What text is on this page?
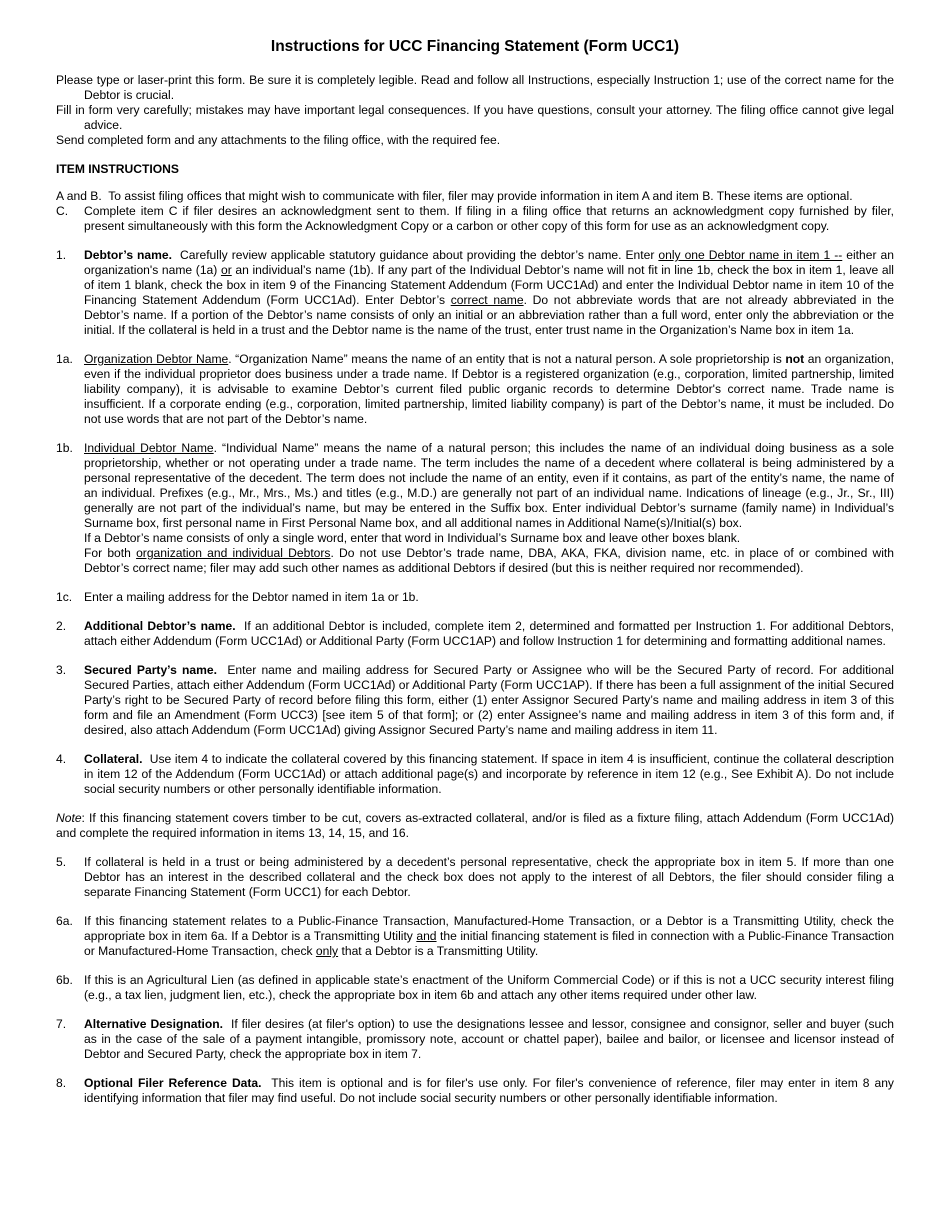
Instructions for UCC Financing Statement (Form UCC1)

Please type or laser-print this form. Be sure it is completely legible. Read and follow all Instructions, especially Instruction 1; use of the correct name for the Debtor is crucial.

Fill in form very carefully; mistakes may have important legal consequences. If you have questions, consult your attorney. The filing office cannot give legal advice.

Send completed form and any attachments to the filing office, with the required fee.

ITEM INSTRUCTIONS
A and B. To assist filing offices that might wish to communicate with filer, filer may provide information in item A and item B. These items are optional.
C.	Complete item C if filer desires an acknowledgment sent to them. If filing in a filing office that returns an acknowledgment copy furnished by filer, present simultaneously with this form the Acknowledgment Copy or a carbon or other copy of this form for use as an acknowledgment copy.
1.	Debtor’s name. Carefully review applicable statutory guidance about providing the debtor’s name. Enter only one Debtor name in item 1 -- either an organization's name (1a) or an individual’s name (1b). If any part of the Individual Debtor’s name will not fit in line 1b, check the box in item 1, leave all of item 1 blank, check the box in item 9 of the Financing Statement Addendum (Form UCC1Ad) and enter the Individual Debtor name in item 10 of the Financing Statement Addendum (Form UCC1Ad). Enter Debtor’s correct name. Do not abbreviate words that are not already abbreviated in the Debtor’s name. If a portion of the Debtor’s name consists of only an initial or an abbreviation rather than a full word, enter only the abbreviation or the initial. If the collateral is held in a trust and the Debtor name is the name of the trust, enter trust name in the Organization’s Name box in item 1a.
1a. Organization Debtor Name. “Organization Name” means the name of an entity that is not a natural person. A sole proprietorship is not an organization, even if the individual proprietor does business under a trade name. If Debtor is a registered organization (e.g., corporation, limited partnership, limited liability company), it is advisable to examine Debtor’s current filed public organic records to determine Debtor's correct name. Trade name is insufficient. If a corporate ending (e.g., corporation, limited partnership, limited liability company) is part of the Debtor’s name, it must be included. Do not use words that are not part of the Debtor’s name.
1b. Individual Debtor Name. “Individual Name” means the name of a natural person; this includes the name of an individual doing business as a sole proprietorship, whether or not operating under a trade name. The term includes the name of a decedent where collateral is being administered by a personal representative of the decedent. The term does not include the name of an entity, even if it contains, as part of the entity’s name, the name of an individual. Prefixes (e.g., Mr., Mrs., Ms.) and titles (e.g., M.D.) are generally not part of an individual name. Indications of lineage (e.g., Jr., Sr., III) generally are not part of the individual’s name, but may be entered in the Suffix box. Enter individual Debtor’s surname (family name) in Individual’s Surname box, first personal name in First Personal Name box, and all additional names in Additional Name(s)/Initial(s) box.

If a Debtor’s name consists of only a single word, enter that word in Individual’s Surname box and leave other boxes blank.

For both organization and individual Debtors. Do not use Debtor’s trade name, DBA, AKA, FKA, division name, etc. in place of or combined with Debtor’s correct name; filer may add such other names as additional Debtors if desired (but this is neither required nor recommended).

1c. Enter a mailing address for the Debtor named in item 1a or 1b.
2.	Additional Debtor’s name. If an additional Debtor is included, complete item 2, determined and formatted per Instruction 1. For additional Debtors, attach either Addendum (Form UCC1Ad) or Additional Party (Form UCC1AP) and follow Instruction 1 for determining and formatting additional names.
3.	Secured Party’s name. Enter name and mailing address for Secured Party or Assignee who will be the Secured Party of record. For additional Secured Parties, attach either Addendum (Form UCC1Ad) or Additional Party (Form UCC1AP). If there has been a full assignment of the initial Secured Party’s right to be Secured Party of record before filing this form, either (1) enter Assignor Secured Party’s name and mailing address in item 3 of this form and file an Amendment (Form UCC3) [see item 5 of that form]; or (2) enter Assignee’s name and mailing address in item 3 of this form and, if desired, also attach Addendum (Form UCC1Ad) giving Assignor Secured Party’s name and mailing address in item 11.
4.	Collateral. Use item 4 to indicate the collateral covered by this financing statement. If space in item 4 is insufficient, continue the collateral description in item 12 of the Addendum (Form UCC1Ad) or attach additional page(s) and incorporate by reference in item 12 (e.g., See Exhibit A). Do not include social security numbers or other personally identifiable information.

Note: If this financing statement covers timber to be cut, covers as-extracted collateral, and/or is filed as a fixture filing, attach Addendum (Form UCC1Ad) and complete the required information in items 13, 14, 15, and 16.

5.	If collateral is held in a trust or being administered by a decedent’s personal representative, check the appropriate box in item 5. If more than one Debtor has an interest in the described collateral and the check box does not apply to the interest of all Debtors, the filer should consider filing a separate Financing Statement (Form UCC1) for each Debtor.
6a. If this financing statement relates to a Public-Finance Transaction, Manufactured-Home Transaction, or a Debtor is a Transmitting Utility, check the appropriate box in item 6a. If a Debtor is a Transmitting Utility and the initial financing statement is filed in connection with a Public-Finance Transaction or Manufactured-Home Transaction, check only that a Debtor is a Transmitting Utility.
6b. If this is an Agricultural Lien (as defined in applicable state’s enactment of the Uniform Commercial Code) or if this is not a UCC security interest filing (e.g., a tax lien, judgment lien, etc.), check the appropriate box in item 6b and attach any other items required under other law.
7.	Alternative Designation. If filer desires (at filer's option) to use the designations lessee and lessor, consignee and consignor, seller and buyer (such as in the case of the sale of a payment intangible, promissory note, account or chattel paper), bailee and bailor, or licensee and licensor instead of Debtor and Secured Party, check the appropriate box in item 7.
8.	Optional Filer Reference Data. This item is optional and is for filer's use only. For filer's convenience of reference, filer may enter in item 8 any identifying information that filer may find useful. Do not include social security numbers or other personally identifiable information.
